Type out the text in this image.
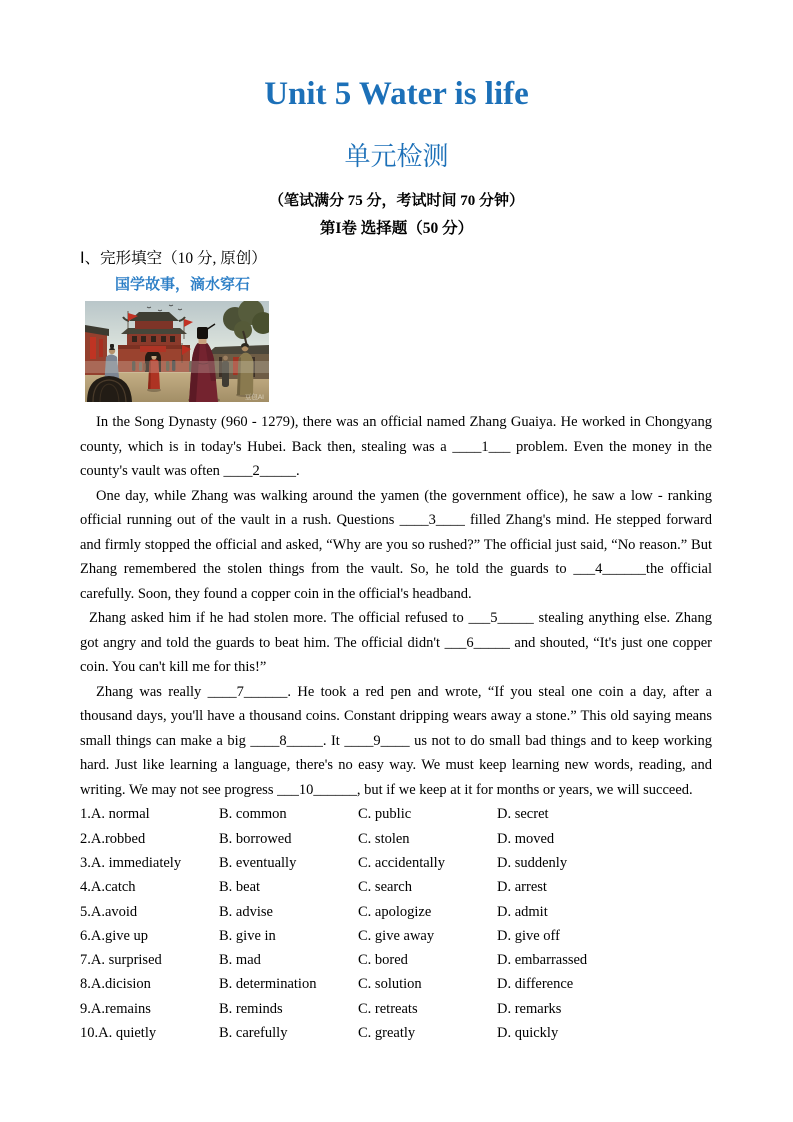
Unit 5 Water is life
单元检测

（笔试满分 75 分，考试时间 70 分钟）

第I卷 选择题（50 分）

Ⅰ、完形填空（10 分, 原创）

国学故事，滴水穿石

豆包AI

In the Song Dynasty (960 - 1279), there was an official named Zhang Guaiya. He worked in Chongyang county, which is in today's Hubei. Back then, stealing was a ____1___ problem. Even the money in the county's vault was often ____2_____.

One day, while Zhang was walking around the yamen (the government office), he saw a low - ranking official running out of the vault in a rush. Questions ____3____ filled Zhang's mind. He stepped forward and firmly stopped the official and asked, “Why are you so rushed?” The official just said, “No reason.” But Zhang remembered the stolen things from the vault. So, he told the guards to ___4______the official carefully. Soon, they found a copper coin in the official's headband.

Zhang asked him if he had stolen more. The official refused to ___5_____ stealing anything else. Zhang got angry and told the guards to beat him. The official didn't ___6_____ and shouted, “It's just one copper coin. You can't kill me for this!”

Zhang was really ____7______. He took a red pen and wrote, “If you steal one coin a day, after a thousand days, you'll have a thousand coins. Constant dripping wears away a stone.” This old saying means small things can make a big ____8_____. It ____9____ us not to do small bad things and to keep working hard. Just like learning a language, there's no easy way. We must keep learning new words, reading, and writing. We may not see progress ___10______, but if we keep at it for months or years, we will succeed.

1.A. normal	B. common	C. public	D. secret
2.A.robbed	B. borrowed	C. stolen	D. moved
3.A. immediately	B. eventually	C. accidentally	D. suddenly
4.A.catch	B. beat	C. search	D. arrest
5.A.avoid	B. advise	C. apologize	D. admit
6.A.give up	B. give in	C. give away	D. give off
7.A. surprised	B. mad	C. bored	D. embarrassed
8.A.dicision	B. determination	C. solution	D. difference
9.A.remains	B. reminds	C. retreats	D. remarks
10.A. quietly	B. carefully	C. greatly	D. quickly
